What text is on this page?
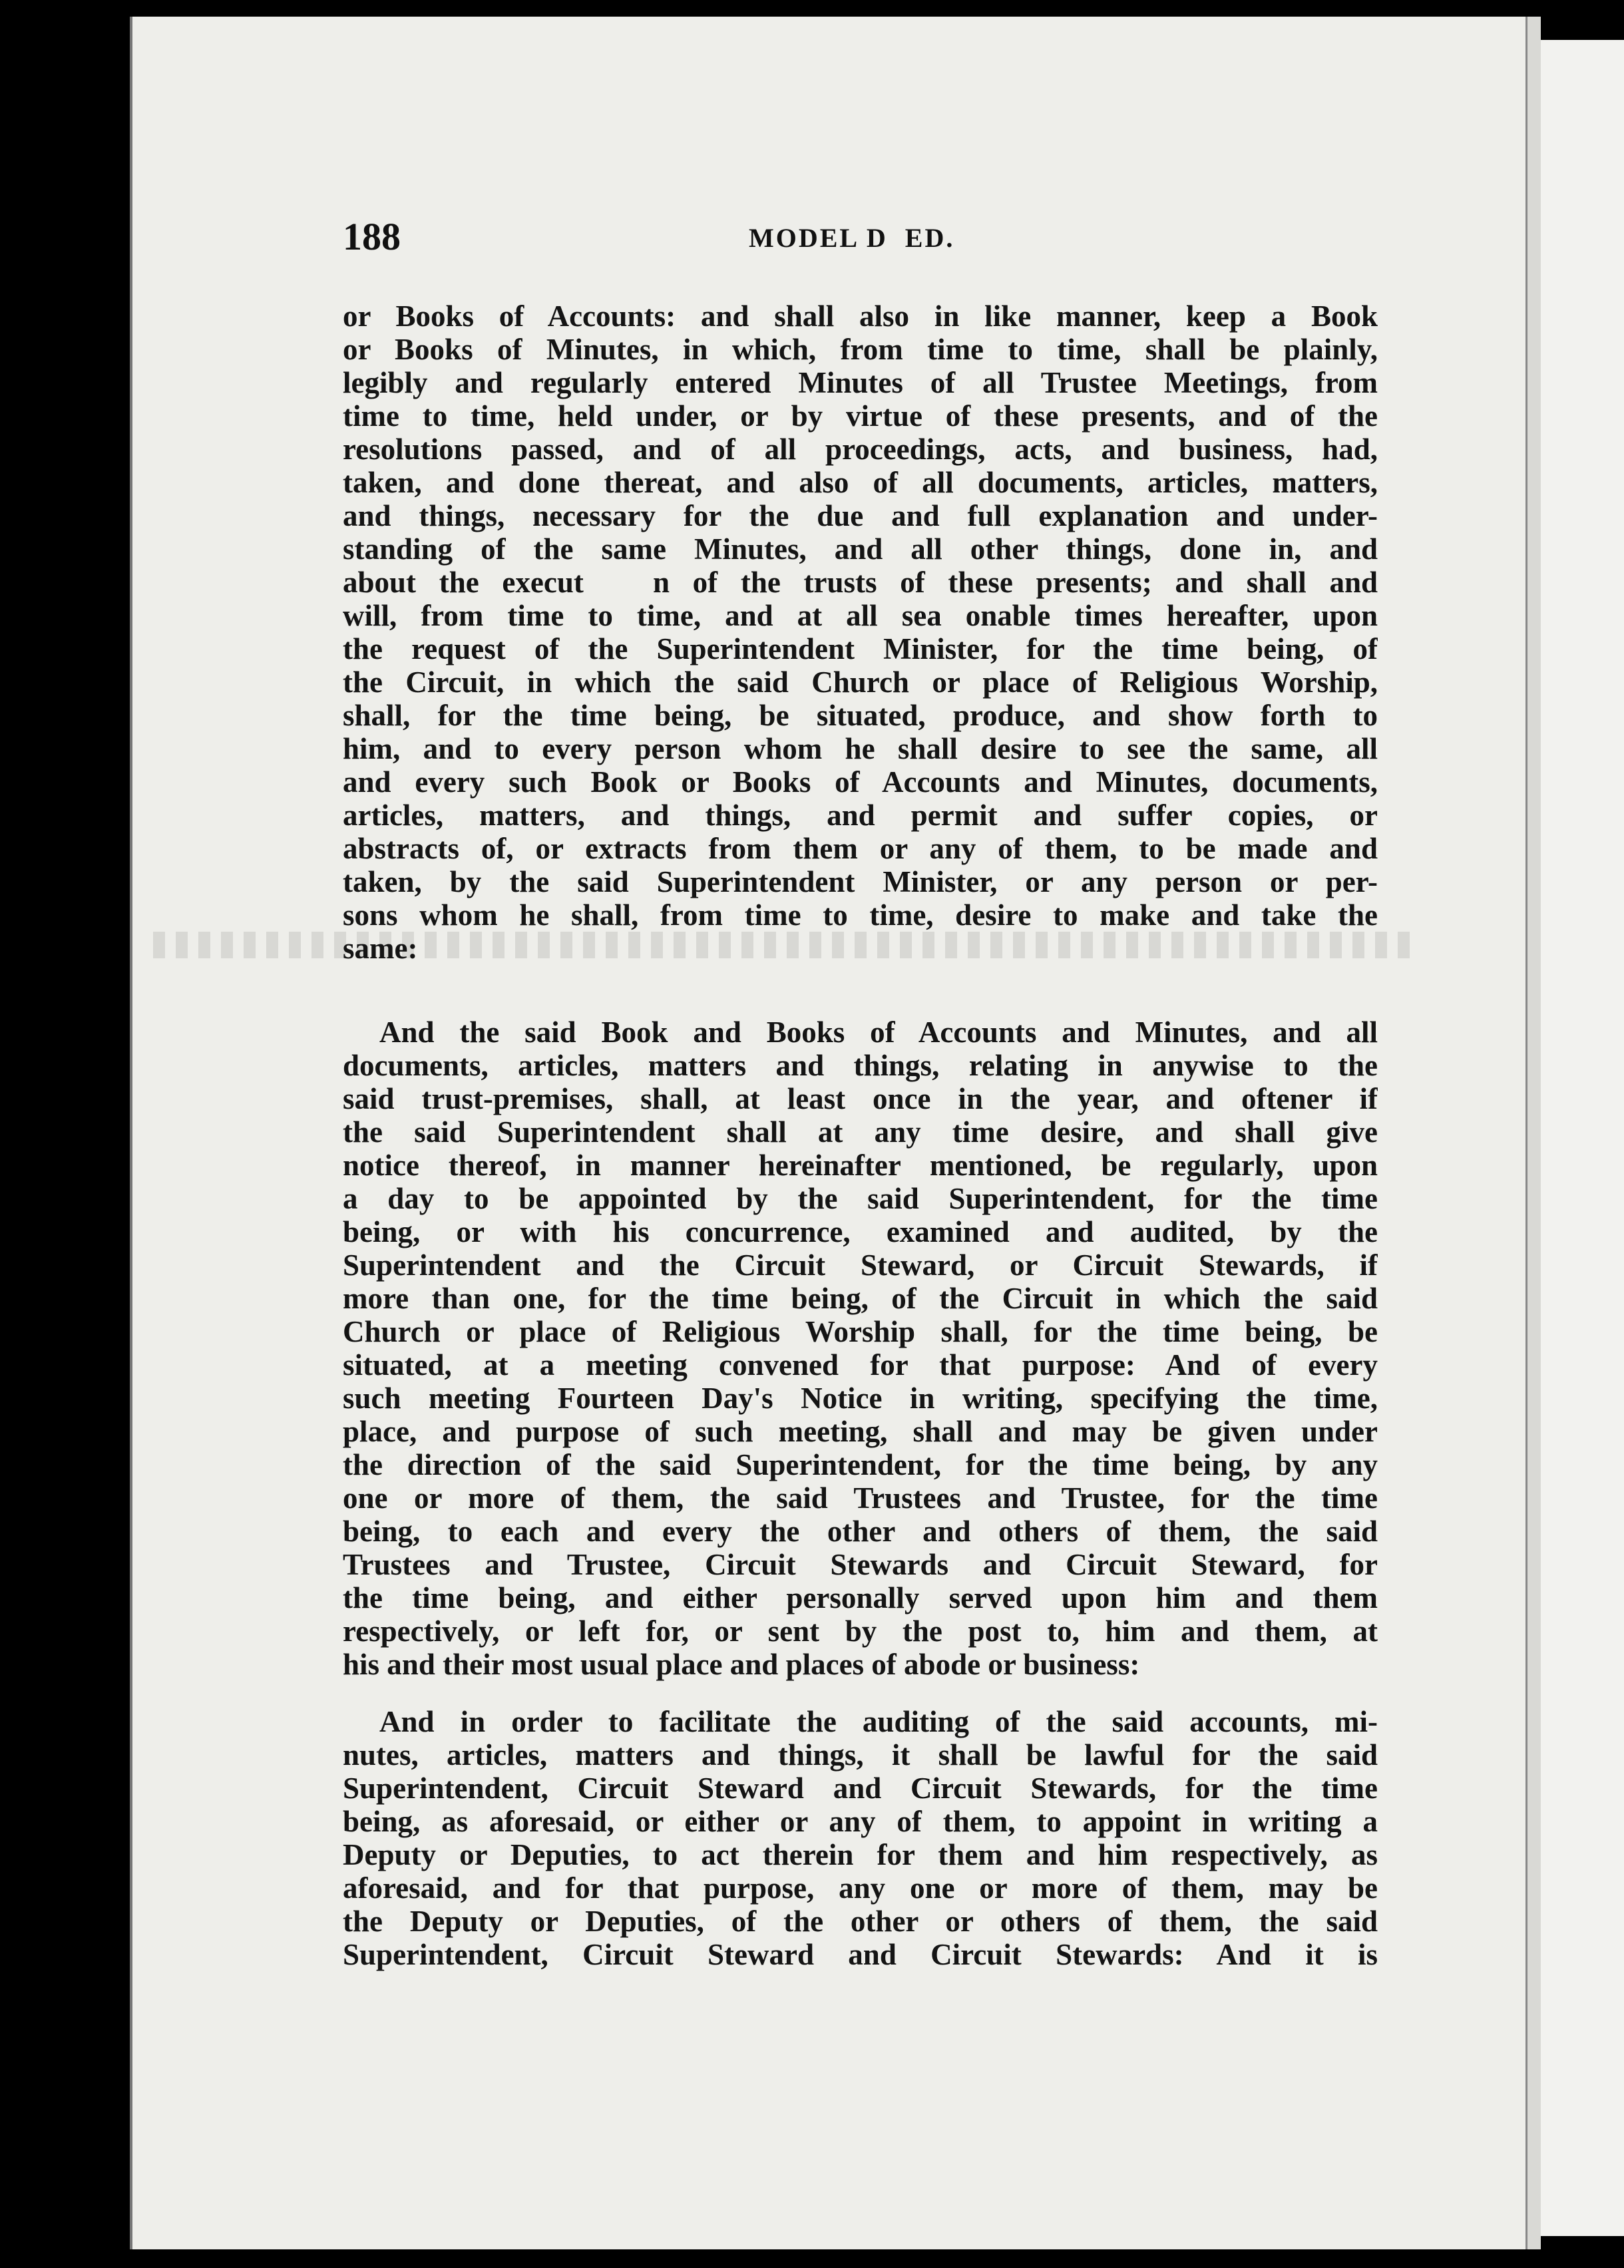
188	MODEL D  ED.
or Books of Accounts: and shall also in like manner, keep a Book
or Books of Minutes, in which, from time to time, shall be plainly,
legibly and regularly entered Minutes of all Trustee Meetings, from
time to time, held under, or by virtue of these presents, and of the
resolutions passed, and of all proceedings, acts, and business, had,
taken, and done thereat, and also of all documents, articles, matters,
and things, necessary for the due and full explanation and under-
standing of the same Minutes, and all other things, done in, and
about the execut   n of the trusts of these presents; and shall and
will, from time to time, and at all sea onable times hereafter, upon
the request of the Superintendent Minister, for the time being, of
the Circuit, in which the said Church or place of Religious Worship,
shall, for the time being, be situated, produce, and show forth to
him, and to every person whom he shall desire to see the same, all
and every such Book or Books of Accounts and Minutes, documents,
articles, matters, and things, and permit and suffer copies, or
abstracts of, or extracts from them or any of them, to be made and
taken, by the said Superintendent Minister, or any person or per-
sons whom he shall, from time to time, desire to make and take the
same:
And the said Book and Books of Accounts and Minutes, and all
documents, articles, matters and things, relating in anywise to the
said trust-premises, shall, at least once in the year, and oftener if
the said Superintendent shall at any time desire, and shall give
notice thereof, in manner hereinafter mentioned, be regularly, upon
a day to be appointed by the said Superintendent, for the time
being, or with his concurrence, examined and audited, by the
Superintendent and the Circuit Steward, or Circuit Stewards, if
more than one, for the time being, of the Circuit in which the said
Church or place of Religious Worship shall, for the time being, be
situated, at a meeting convened for that purpose: And of every
such meeting Fourteen Day's Notice in writing, specifying the time,
place, and purpose of such meeting, shall and may be given under
the direction of the said Superintendent, for the time being, by any
one or more of them, the said Trustees and Trustee, for the time
being, to each and every the other and others of them, the said
Trustees and Trustee, Circuit Stewards and Circuit Steward, for
the time being, and either personally served upon him and them
respectively, or left for, or sent by the post to, him and them, at
his and their most usual place and places of abode or business:
And in order to facilitate the auditing of the said accounts, mi-
nutes, articles, matters and things, it shall be lawful for the said
Superintendent, Circuit Steward and Circuit Stewards, for the time
being, as aforesaid, or either or any of them, to appoint in writing a
Deputy or Deputies, to act therein for them and him respectively, as
aforesaid, and for that purpose, any one or more of them, may be
the Deputy or Deputies, of the other or others of them, the said
Superintendent, Circuit Steward and Circuit Stewards: And it is
